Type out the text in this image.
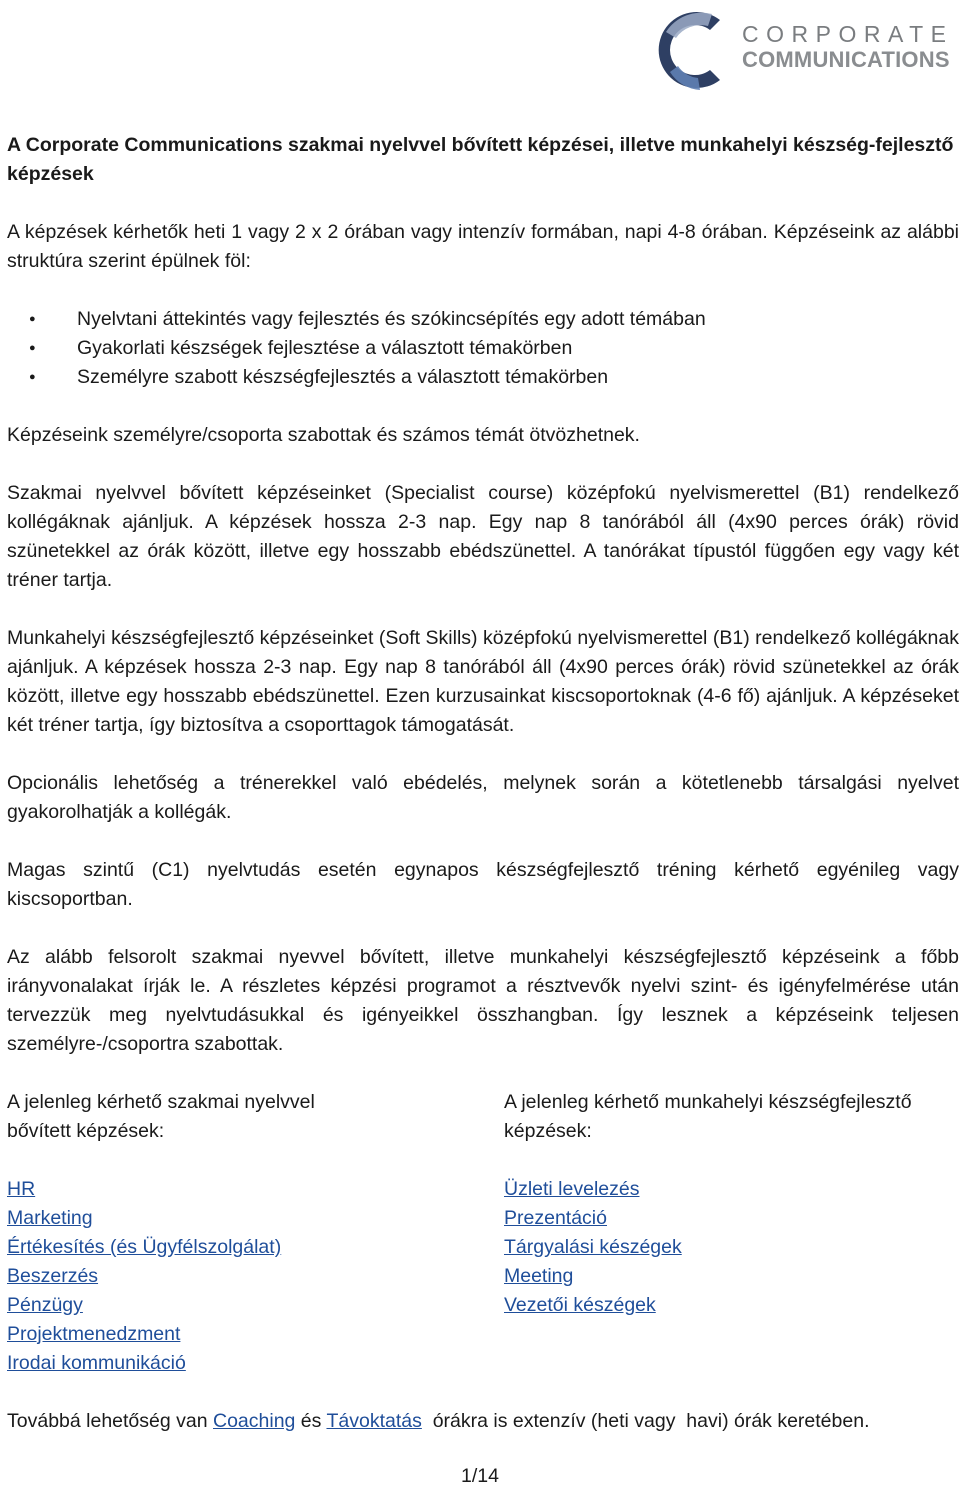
CORPORATE
COMMUNICATIONS
A Corporate Communications szakmai nyelvvel bővített képzései, illetve munkahelyi készség-fejlesztő képzések

A képzések kérhetők heti 1 vagy 2 x 2 órában vagy intenzív formában, napi 4-8 órában. Képzéseink az alábbi struktúra szerint épülnek föl:

● Nyelvtani áttekintés vagy fejlesztés és szókincsépítés egy adott témában
● Gyakorlati készségek fejlesztése a választott témakörben
● Személyre szabott készségfejlesztés a választott témakörben

Képzéseink személyre/csoporta szabottak és számos témát ötvözhetnek.

Szakmai nyelvvel bővített képzéseinket (Specialist course) középfokú nyelvismerettel (B1) rendelkező kollégáknak ajánljuk. A képzések hossza 2-3 nap. Egy nap 8 tanórából áll (4x90 perces órák) rövid szünetekkel az órák között, illetve egy hosszabb ebédszünettel. A tanórákat típustól függően egy vagy két tréner tartja.

Munkahelyi készségfejlesztő képzéseinket (Soft Skills) középfokú nyelvismerettel (B1) rendelkező kollégáknak ajánljuk. A képzések hossza 2-3 nap. Egy nap 8 tanórából áll (4x90 perces órák) rövid szünetekkel az órák között, illetve egy hosszabb ebédszünettel. Ezen kurzusainkat kiscsoportoknak (4-6 fő) ajánljuk. A képzéseket két tréner tartja, így biztosítva a csoporttagok támogatását.

Opcionális lehetőség a trénerekkel való ebédelés, melynek során a kötetlenebb társalgási nyelvet gyakorolhatják a kollégák.

Magas szintű (C1) nyelvtudás esetén egynapos készségfejlesztő tréning kérhető egyénileg vagy kiscsoportban.

Az alább felsorolt szakmai nyevvel bővített, illetve munkahelyi készségfejlesztő képzéseink a főbb irányvonalakat írják le. A részletes képzési programot a résztvevők nyelvi szint- és igényfelmérése után tervezzük meg nyelvtudásukkal és igényeikkel összhangban. Így lesznek a képzéseink teljesen személyre-/csoportra szabottak.

A jelenleg kérhető szakmai nyelvvel bővített képzések:
HR
Marketing
Értékesítés (és Ügyfélszolgálat)
Beszerzés
Pénzügy
Projektmenedzment
Irodai kommunikáció
A jelenleg kérhető munkahelyi készségfejlesztő képzések:
Üzleti levelezés
Prezentáció
Tárgyalási készégek
Meeting
Vezetői készégek
Továbbá lehetőség van Coaching és Távoktatás  órákra is extenzív (heti vagy  havi) órák keretében.
1/14
